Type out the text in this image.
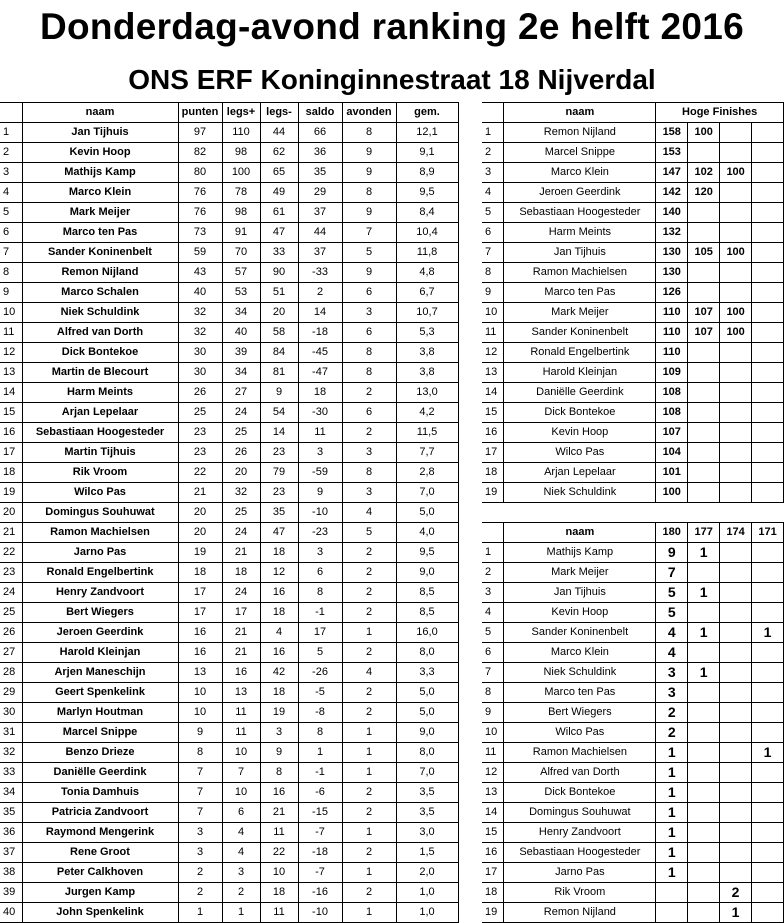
Donderdag-avond ranking 2e helft 2016
ONS ERF Koninginnestraat 18 Nijverdal
	naam	punten	legs+	legs-	saldo	avonden	gem.
1	Jan Tijhuis	97	110	44	66	8	12,1
2	Kevin Hoop	82	98	62	36	9	9,1
3	Mathijs Kamp	80	100	65	35	9	8,9
4	Marco Klein	76	78	49	29	8	9,5
5	Mark Meijer	76	98	61	37	9	8,4
6	Marco ten Pas	73	91	47	44	7	10,4
7	Sander Koninenbelt	59	70	33	37	5	11,8
8	Remon Nijland	43	57	90	-33	9	4,8
9	Marco Schalen	40	53	51	2	6	6,7
10	Niek Schuldink	32	34	20	14	3	10,7
11	Alfred van Dorth	32	40	58	-18	6	5,3
12	Dick Bontekoe	30	39	84	-45	8	3,8
13	Martin de Blecourt	30	34	81	-47	8	3,8
14	Harm Meints	26	27	9	18	2	13,0
15	Arjan Lepelaar	25	24	54	-30	6	4,2
16	Sebastiaan Hoogesteder	23	25	14	11	2	11,5
17	Martin Tijhuis	23	26	23	3	3	7,7
18	Rik Vroom	22	20	79	-59	8	2,8
19	Wilco Pas	21	32	23	9	3	7,0
20	Domingus Souhuwat	20	25	35	-10	4	5,0
21	Ramon Machielsen	20	24	47	-23	5	4,0
22	Jarno Pas	19	21	18	3	2	9,5
23	Ronald Engelbertink	18	18	12	6	2	9,0
24	Henry Zandvoort	17	24	16	8	2	8,5
25	Bert Wiegers	17	17	18	-1	2	8,5
26	Jeroen Geerdink	16	21	4	17	1	16,0
27	Harold Kleinjan	16	21	16	5	2	8,0
28	Arjen Maneschijn	13	16	42	-26	4	3,3
29	Geert Spenkelink	10	13	18	-5	2	5,0
30	Marlyn Houtman	10	11	19	-8	2	5,0
31	Marcel Snippe	9	11	3	8	1	9,0
32	Benzo Drieze	8	10	9	1	1	8,0
33	Daniëlle Geerdink	7	7	8	-1	1	7,0
34	Tonia Damhuis	7	10	16	-6	2	3,5
35	Patricia Zandvoort	7	6	21	-15	2	3,5
36	Raymond Mengerink	3	4	11	-7	1	3,0
37	Rene Groot	3	4	22	-18	2	1,5
38	Peter Calkhoven	2	3	10	-7	1	2,0
39	Jurgen Kamp	2	2	18	-16	2	1,0
40	John Spenkelink	1	1	11	-10	1	1,0
	naam	Hoge Finishes			
1	Remon Nijland	158	100		
2	Marcel Snippe	153			
3	Marco Klein	147	102	100	
4	Jeroen Geerdink	142	120		
5	Sebastiaan Hoogesteder	140			
6	Harm Meints	132			
7	Jan Tijhuis	130	105	100	
8	Ramon Machielsen	130			
9	Marco ten Pas	126			
10	Mark Meijer	110	107	100	
11	Sander Koninenbelt	110	107	100	
12	Ronald Engelbertink	110			
13	Harold Kleinjan	109			
14	Daniëlle Geerdink	108			
15	Dick Bontekoe	108			
16	Kevin Hoop	107			
17	Wilco Pas	104			
18	Arjan Lepelaar	101			
19	Niek Schuldink	100			

	naam	180	177	174	171
1	Mathijs Kamp	9	1		
2	Mark Meijer	7			
3	Jan Tijhuis	5	1		
4	Kevin Hoop	5			
5	Sander Koninenbelt	4	1		1
6	Marco Klein	4			
7	Niek Schuldink	3	1		
8	Marco ten Pas	3			
9	Bert Wiegers	2			
10	Wilco Pas	2			
11	Ramon Machielsen	1			1
12	Alfred van Dorth	1			
13	Dick Bontekoe	1			
14	Domingus Souhuwat	1			
15	Henry Zandvoort	1			
16	Sebastiaan Hoogesteder	1			
17	Jarno Pas	1			
18	Rik Vroom			2	
19	Remon Nijland			1	
